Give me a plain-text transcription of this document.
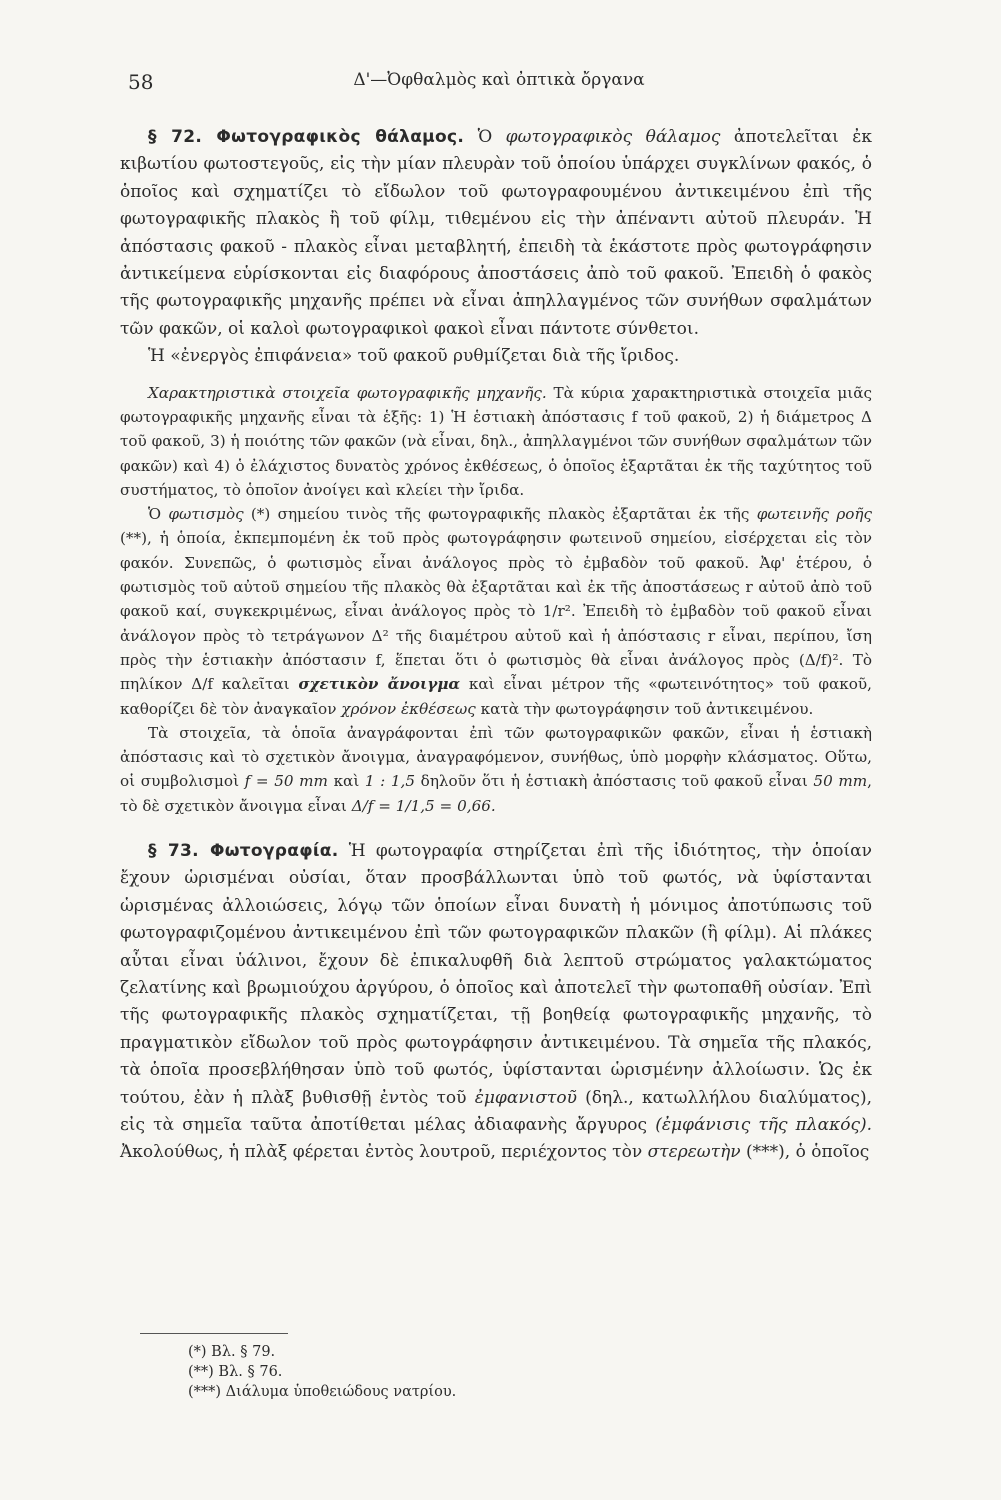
58	Δ'—Ὀφθαλμὸς καὶ ὀπτικὰ ὄργανα

§ 72. Φωτογραφικὸς θάλαμος. Ὁ φωτογραφικὸς θάλαμος ἀποτελεῖται ἐκ κιβωτίου φωτοστεγοῦς, εἰς τὴν μίαν πλευρὰν τοῦ ὁποίου ὑπάρχει συγκλίνων φακός, ὁ ὁποῖος καὶ σχηματίζει τὸ εἴδωλον τοῦ φωτογραφουμένου ἀντικειμένου ἐπὶ τῆς φωτογραφικῆς πλακὸς ἢ τοῦ φίλμ, τιθεμένου εἰς τὴν ἀπέναντι αὐτοῦ πλευράν. Ἡ ἀπόστασις φακοῦ - πλακὸς εἶναι μεταβλητή, ἐπειδὴ τὰ ἑκάστοτε πρὸς φωτογράφησιν ἀντικείμενα εὑρίσκονται εἰς διαφόρους ἀποστάσεις ἀπὸ τοῦ φακοῦ. Ἐπειδὴ ὁ φακὸς τῆς φωτογραφικῆς μηχανῆς πρέπει νὰ εἶναι ἀπηλλαγμένος τῶν συνήθων σφαλμάτων τῶν φακῶν, οἱ καλοὶ φωτογραφικοὶ φακοὶ εἶναι πάντοτε σύνθετοι.

Ἡ «ἐνεργὸς ἐπιφάνεια» τοῦ φακοῦ ρυθμίζεται διὰ τῆς ἴριδος.

Χαρακτηριστικὰ στοιχεῖα φωτογραφικῆς μηχανῆς. Τὰ κύρια χαρακτηριστικὰ στοιχεῖα μιᾶς φωτογραφικῆς μηχανῆς εἶναι τὰ ἑξῆς: 1) Ἡ ἑστιακὴ ἀπόστασις f τοῦ φακοῦ, 2) ἡ διάμετρος Δ τοῦ φακοῦ, 3) ἡ ποιότης τῶν φακῶν (νὰ εἶναι, δηλ., ἀπηλλαγμένοι τῶν συνήθων σφαλμάτων τῶν φακῶν) καὶ 4) ὁ ἐλάχιστος δυνατὸς χρόνος ἐκθέσεως, ὁ ὁποῖος ἐξαρτᾶται ἐκ τῆς ταχύτητος τοῦ συστήματος, τὸ ὁποῖον ἀνοίγει καὶ κλείει τὴν ἴριδα.

Ὁ φωτισμὸς (*) σημείου τινὸς τῆς φωτογραφικῆς πλακὸς ἐξαρτᾶται ἐκ τῆς φωτεινῆς ροῆς (**), ἡ ὁποία, ἐκπεμπομένη ἐκ τοῦ πρὸς φωτογράφησιν φωτεινοῦ σημείου, εἰσέρχεται εἰς τὸν φακόν. Συνεπῶς, ὁ φωτισμὸς εἶναι ἀνάλογος πρὸς τὸ ἐμβαδὸν τοῦ φακοῦ. Ἀφ' ἑτέρου, ὁ φωτισμὸς τοῦ αὐτοῦ σημείου τῆς πλακὸς θὰ ἐξαρτᾶται καὶ ἐκ τῆς ἀποστάσεως r αὐτοῦ ἀπὸ τοῦ φακοῦ καί, συγκεκριμένως, εἶναι ἀνάλογος πρὸς τὸ 1/r². Ἐπειδὴ τὸ ἐμβαδὸν τοῦ φακοῦ εἶναι ἀνάλογον πρὸς τὸ τετράγωνον Δ² τῆς διαμέτρου αὐτοῦ καὶ ἡ ἀπόστασις r εἶναι, περίπου, ἴση πρὸς τὴν ἑστιακὴν ἀπόστασιν f, ἕπεται ὅτι ὁ φωτισμὸς θὰ εἶναι ἀνάλογος πρὸς (Δ/f)². Τὸ πηλίκον Δ/f καλεῖται σχετικὸν ἄνοιγμα καὶ εἶναι μέτρον τῆς «φωτεινότητος» τοῦ φακοῦ, καθορίζει δὲ τὸν ἀναγκαῖον χρόνον ἐκθέσεως κατὰ τὴν φωτογράφησιν τοῦ ἀντικειμένου.

Τὰ στοιχεῖα, τὰ ὁποῖα ἀναγράφονται ἐπὶ τῶν φωτογραφικῶν φακῶν, εἶναι ἡ ἑστιακὴ ἀπόστασις καὶ τὸ σχετικὸν ἄνοιγμα, ἀναγραφόμενον, συνήθως, ὑπὸ μορφὴν κλάσματος. Οὕτω, οἱ συμβολισμοὶ f = 50 mm καὶ 1 : 1,5 δηλοῦν ὅτι ἡ ἑστιακὴ ἀπόστασις τοῦ φακοῦ εἶναι 50 mm, τὸ δὲ σχετικὸν ἄνοιγμα εἶναι Δ/f = 1/1,5 = 0,66.

§ 73. Φωτογραφία. Ἡ φωτογραφία στηρίζεται ἐπὶ τῆς ἰδιότητος, τὴν ὁποίαν ἔχουν ὡρισμέναι οὐσίαι, ὅταν προσβάλλωνται ὑπὸ τοῦ φωτός, νὰ ὑφίστανται ὡρισμένας ἀλλοιώσεις, λόγῳ τῶν ὁποίων εἶναι δυνατὴ ἡ μόνιμος ἀποτύπωσις τοῦ φωτογραφιζομένου ἀντικειμένου ἐπὶ τῶν φωτογραφικῶν πλακῶν (ἢ φίλμ). Αἱ πλάκες αὗται εἶναι ὑάλινοι, ἔχουν δὲ ἐπικαλυφθῆ διὰ λεπτοῦ στρώματος γαλακτώματος ζελατίνης καὶ βρωμιούχου ἀργύρου, ὁ ὁποῖος καὶ ἀποτελεῖ τὴν φωτοπαθῆ οὐσίαν. Ἐπὶ τῆς φωτογραφικῆς πλακὸς σχηματίζεται, τῇ βοηθείᾳ φωτογραφικῆς μηχανῆς, τὸ πραγματικὸν εἴδωλον τοῦ πρὸς φωτογράφησιν ἀντικειμένου. Τὰ σημεῖα τῆς πλακός, τὰ ὁποῖα προσεβλήθησαν ὑπὸ τοῦ φωτός, ὑφίστανται ὡρισμένην ἀλλοίωσιν. Ὡς ἐκ τούτου, ἐὰν ἡ πλὰξ βυθισθῇ ἐντὸς τοῦ ἐμφανιστοῦ (δηλ., κατωλλήλου διαλύματος), εἰς τὰ σημεῖα ταῦτα ἀποτίθεται μέλας ἀδιαφανὴς ἄργυρος (ἐμφάνισις τῆς πλακός). Ἀκολούθως, ἡ πλὰξ φέρεται ἐντὸς λουτροῦ, περιέχοντος τὸν στερεωτὴν (***), ὁ ὁποῖος

(*) Βλ. § 79.
(**) Βλ. § 76.
(***) Διάλυμα ὑποθειώδους νατρίου.
